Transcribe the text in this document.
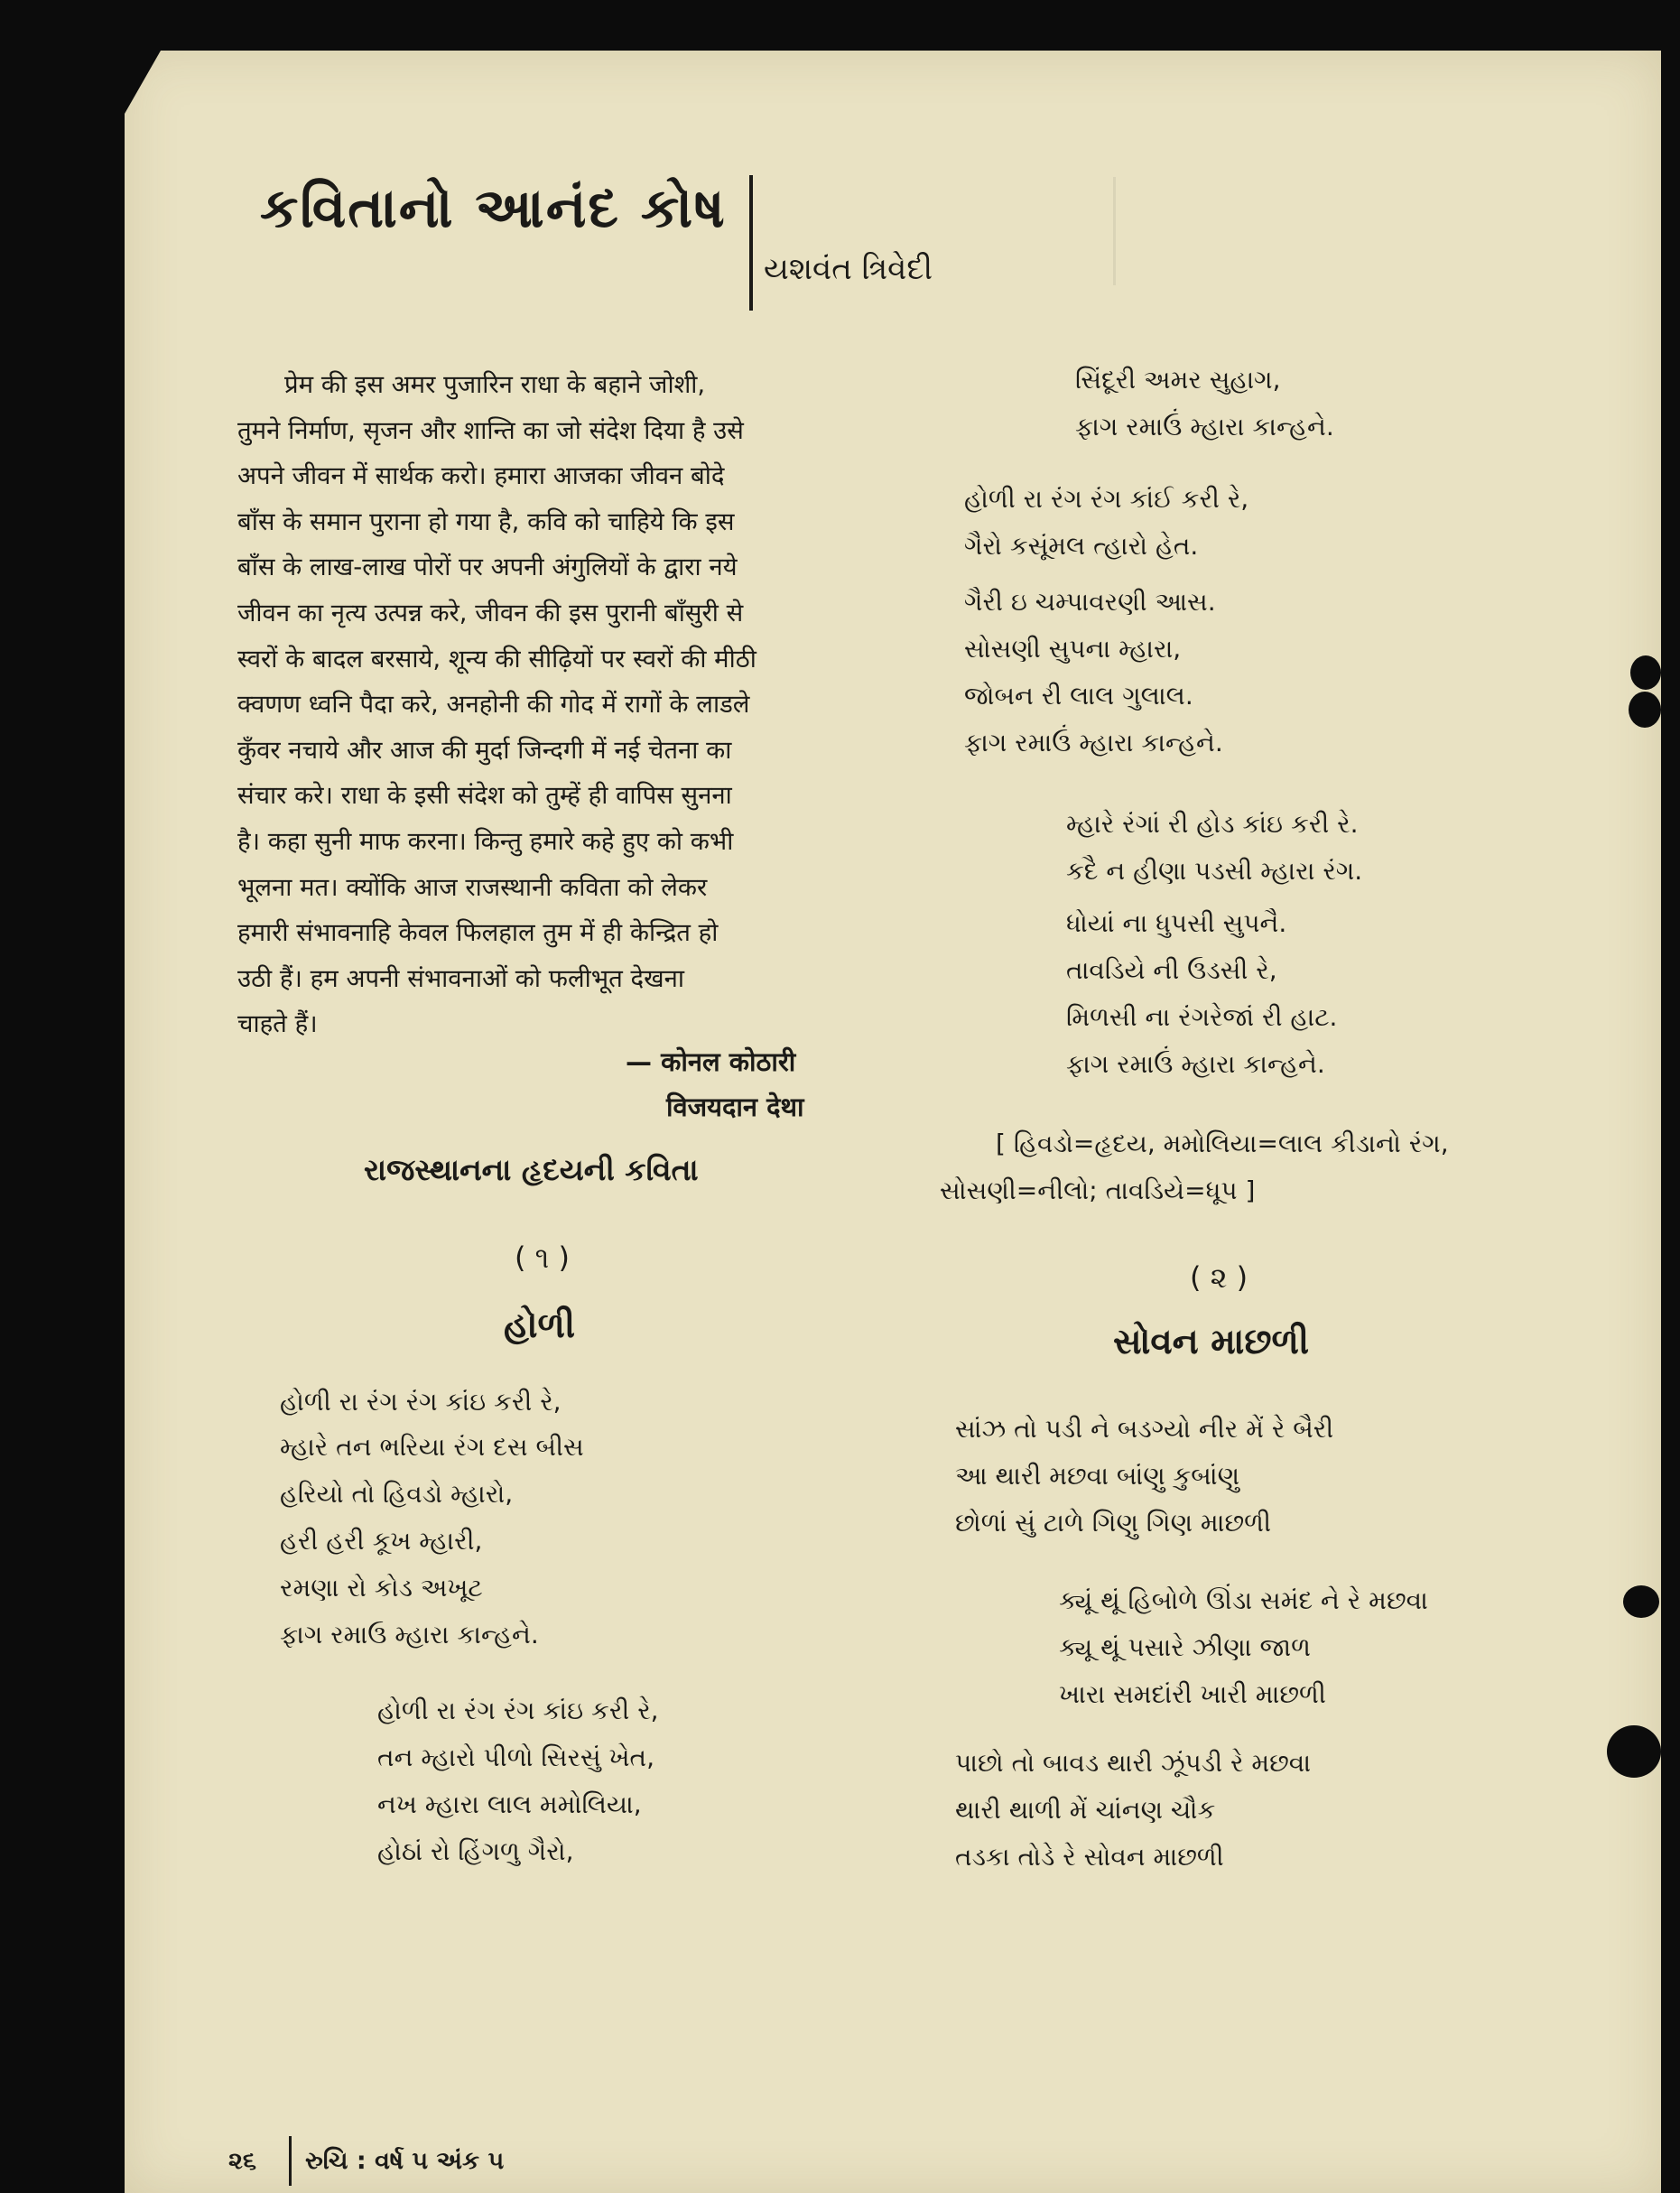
કવિતાનો આનંદ કોષ
યશવંત ત્રિવેદી
प्रेम की इस अमर पुजारिन राधा के बहाने जोशी,
तुमने निर्माण, सृजन और शान्ति का जो संदेश दिया है उसे
अपने जीवन में सार्थक करो। हमारा आजका जीवन बोदे
बाँस के समान पुराना हो गया है, कवि को चाहिये कि इस
बाँस के लाख-लाख पोरों पर अपनी अंगुलियों के द्वारा नये
जीवन का नृत्य उत्पन्न करे, जीवन की इस पुरानी बाँसुरी से
स्वरों के बादल बरसाये, शून्य की सीढ़ियों पर स्वरों की मीठी
क्वणण ध्वनि पैदा करे, अनहोनी की गोद में रागों के लाडले
कुँवर नचाये और आज की मुर्दा जिन्दगी में नई चेतना का
संचार करे। राधा के इसी संदेश को तुम्हें ही वापिस सुनना
है। कहा सुनी माफ करना। किन्तु हमारे कहे हुए को कभी
भूलना मत। क्योंकि आज राजस्थानी कविता को लेकर
हमारी संभावनाहि केवल फिलहाल तुम में ही केन्द्रित हो
उठी हैं। हम अपनी संभावनाओं को फलीभूत देखना
चाहते हैं।
— कोनल कोठारी
विजयदान देथा
રાજસ્થાનના હૃદયની કવિતા
( ૧ )
હોળી
હોળી રા રંગ રંગ કાંઇ કરી રે,
મ્હારે તન ભરિયા રંગ દસ બીસ
હરિયો તો હિવડો મ્હારો,
હરી હરી કૂખ મ્હારી,
રમણા રો કોડ અખૂટ
ફાગ રમાઉ મ્હારા કાન્હને.
હોળી રા રંગ રંગ કાંઇ કરી રે,
તન મ્હારો પીળો સિરસું ખેત,
નખ મ્હારા લાલ મમોલિયા,
હોઠાં રો હિંગળુ ગૈરો,
સિંદૂરી અમર સુહાગ,
ફાગ રમાઉં મ્હારા કાન્હને.
હોળી રા રંગ રંગ કાંઈ કરી રે,
ગૈરો કસૂંમલ ત્હારો હેત.
ગૈરી ઇ ચમ્પાવરણી આસ.
સોસણી સુપના મ્હારા,
જોબન રી લાલ ગુલાલ.
ફાગ રમાઉં મ્હારા કાન્હને.
મ્હારે રંગાં રી હોડ કાંઇ કરી રે.
કદૈ ન હીણા પડસી મ્હારા રંગ.
ધોયાં ના ધુપસી સુપનૈ.
તાવડિયે ની ઉડસી રે,
મિળસી ના રંગરેજાં રી હાટ.
ફાગ રમાઉં મ્હારા કાન્હને.
[ હિવડો=હૃદય, મમોલિયા=લાલ કીડાનો રંગ,
સોસણી=નીલો; તાવડિયે=ધૂપ ]
( ૨ )
સોવન માછળી
સાંઝ તો પડી ને બડગ્યો નીર મેં રે બૈરી
આ થારી મછવા બાંણુ કુબાંણુ
છોળાં સું ટાળે ગિણુ ગિણ માછળી
ક્યૂં થૂં હિબોળે ઊંડા સમંદ ને રે મછવા
ક્યૂ થૂં પસારે ઝીણા જાળ
ખારા સમદાંરી ખારી માછળી
પાછો તો બાવડ થારી ઝૂંપડી રે મછવા
થારી થાળી મેં ચાંનણ ચૌક
તડકા તોડે રે સોવન માછળી
૨૬ રુચિ : વર્ષ ૫ અંક ૫
